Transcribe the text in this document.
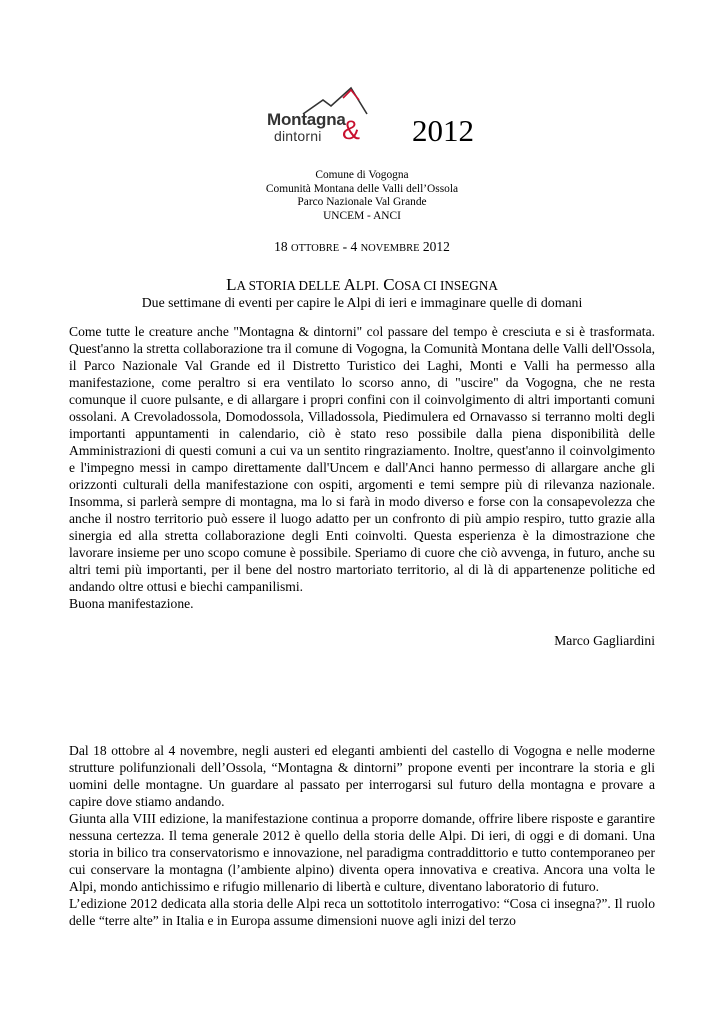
Montagna
dintorni & 2012
Comune di Vogogna
Comunità Montana delle Valli dell’Ossola
Parco Nazionale Val Grande
UNCEM - ANCI
18 OTTOBRE - 4 NOVEMBRE 2012
LA STORIA DELLE ALPI. COSA CI INSEGNA
Due settimane di eventi per capire le Alpi di ieri e immaginare quelle di domani

Come tutte le creature anche "Montagna & dintorni" col passare del tempo è cresciuta e si è trasformata. Quest'anno la stretta collaborazione tra il comune di Vogogna, la Comunità Montana delle Valli dell'Ossola, il Parco Nazionale Val Grande ed il Distretto Turistico dei Laghi, Monti e Valli ha permesso alla manifestazione, come peraltro si era ventilato lo scorso anno, di "uscire" da Vogogna, che ne resta comunque il cuore pulsante, e di allargare i propri confini con il coinvolgimento di altri importanti comuni ossolani. A Crevoladossola, Domodossola, Villadossola, Piedimulera ed Ornavasso si terranno molti degli importanti appuntamenti in calendario, ciò è stato reso possibile dalla piena disponibilità delle Amministrazioni di questi comuni a cui va un sentito ringraziamento. Inoltre, quest'anno il coinvolgimento e l'impegno messi in campo direttamente dall'Uncem e dall'Anci hanno permesso di allargare anche gli orizzonti culturali della manifestazione con ospiti, argomenti e temi sempre più di rilevanza nazionale. Insomma, si parlerà sempre di montagna, ma lo si farà in modo diverso e forse con la consapevolezza che anche il nostro territorio può essere il luogo adatto per un confronto di più ampio respiro, tutto grazie alla sinergia ed alla stretta collaborazione degli Enti coinvolti. Questa esperienza è la dimostrazione che lavorare insieme per uno scopo comune è possibile. Speriamo di cuore che ciò avvenga, in futuro, anche su altri temi più importanti, per il bene del nostro martoriato territorio, al di là di appartenenze politiche ed andando oltre ottusi e biechi campanilismi.

Buona manifestazione.

Marco Gagliardini

Dal 18 ottobre al 4 novembre, negli austeri ed eleganti ambienti del castello di Vogogna e nelle moderne strutture polifunzionali dell’Ossola, “Montagna & dintorni” propone eventi per incontrare la storia e gli uomini delle montagne. Un guardare al passato per interrogarsi sul futuro della montagna e provare a capire dove stiamo andando.

Giunta alla VIII edizione, la manifestazione continua a proporre domande, offrire libere risposte e garantire nessuna certezza. Il tema generale 2012 è quello della storia delle Alpi. Di ieri, di oggi e di domani. Una storia in bilico tra conservatorismo e innovazione, nel paradigma contraddittorio e tutto contemporaneo per cui conservare la montagna (l’ambiente alpino) diventa opera innovativa e creativa. Ancora una volta le Alpi, mondo antichissimo e rifugio millenario di libertà e culture, diventano laboratorio di futuro.

L’edizione 2012 dedicata alla storia delle Alpi reca un sottotitolo interrogativo: “Cosa ci insegna?”. Il ruolo delle “terre alte” in Italia e in Europa assume dimensioni nuove agli inizi del terzo
